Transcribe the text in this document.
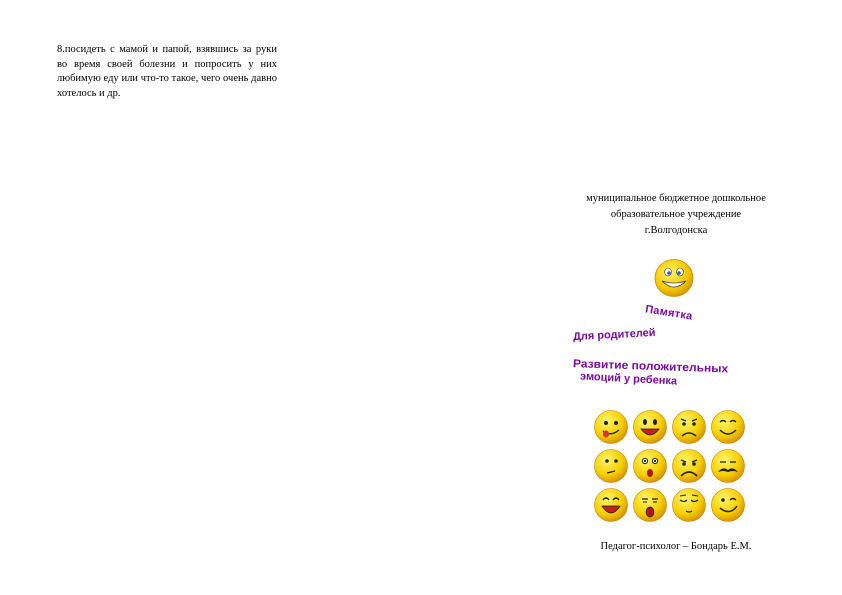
8.посидеть с мамой и папой, взявшись за руки во время своей болезни и попросить у них любимую еду или что-то такое, чего очень давно хотелось и др.
муниципальное бюджетное дошкольное
образовательное учреждение
г.Волгодонска
Памятка
Для родителей
Развитие положительных
эмоций у ребенка
Педагог-психолог – Бондарь Е.М.
